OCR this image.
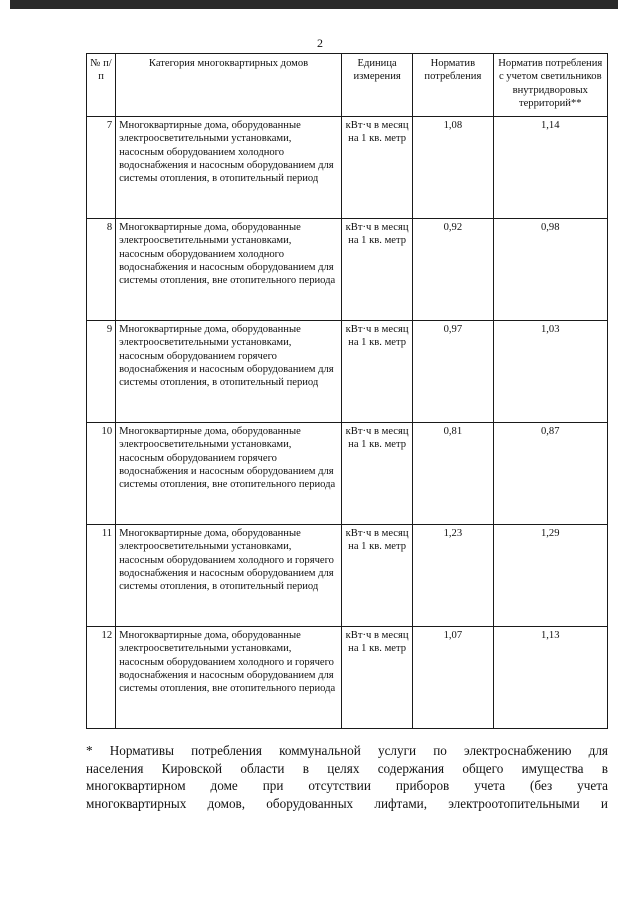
2
№ п/п	Категория многоквартирных домов	Единица измерения	Норматив потребления	Норматив потребления с учетом светильников внутридворовых территорий**
7	Многоквартирные дома, оборудованные электроосветительными установками, насосным оборудованием холодного водоснабжения и насосным оборудованием для системы отопления, в отопительный период	кВт·ч в месяц на 1 кв. метр	1,08	1,14
8	Многоквартирные дома, оборудованные электроосветительными установками, насосным оборудованием холодного водоснабжения и насосным оборудованием для системы отопления, вне отопительного периода	кВт·ч в месяц на 1 кв. метр	0,92	0,98
9	Многоквартирные дома, оборудованные электроосветительными установками, насосным оборудованием горячего водоснабжения и насосным оборудованием для системы отопления, в отопительный период	кВт·ч в месяц на 1 кв. метр	0,97	1,03
10	Многоквартирные дома, оборудованные электроосветительными установками, насосным оборудованием горячего водоснабжения и насосным оборудованием для системы отопления, вне отопительного периода	кВт·ч в месяц на 1 кв. метр	0,81	0,87
11	Многоквартирные дома, оборудованные электроосветительными установками, насосным оборудованием холодного и горячего водоснабжения и насосным оборудованием для системы отопления, в отопительный период	кВт·ч в месяц на 1 кв. метр	1,23	1,29
12	Многоквартирные дома, оборудованные электроосветительными установками, насосным оборудованием холодного и горячего водоснабжения и насосным оборудованием для системы отопления, вне отопительного периода	кВт·ч в месяц на 1 кв. метр	1,07	1,13
* Нормативы потребления коммунальной услуги по электроснабжению для
населения Кировской области в целях содержания общего имущества в
многоквартирном доме при отсутствии приборов учета (без учета
многоквартирных домов, оборудованных лифтами, электроотопительными и
